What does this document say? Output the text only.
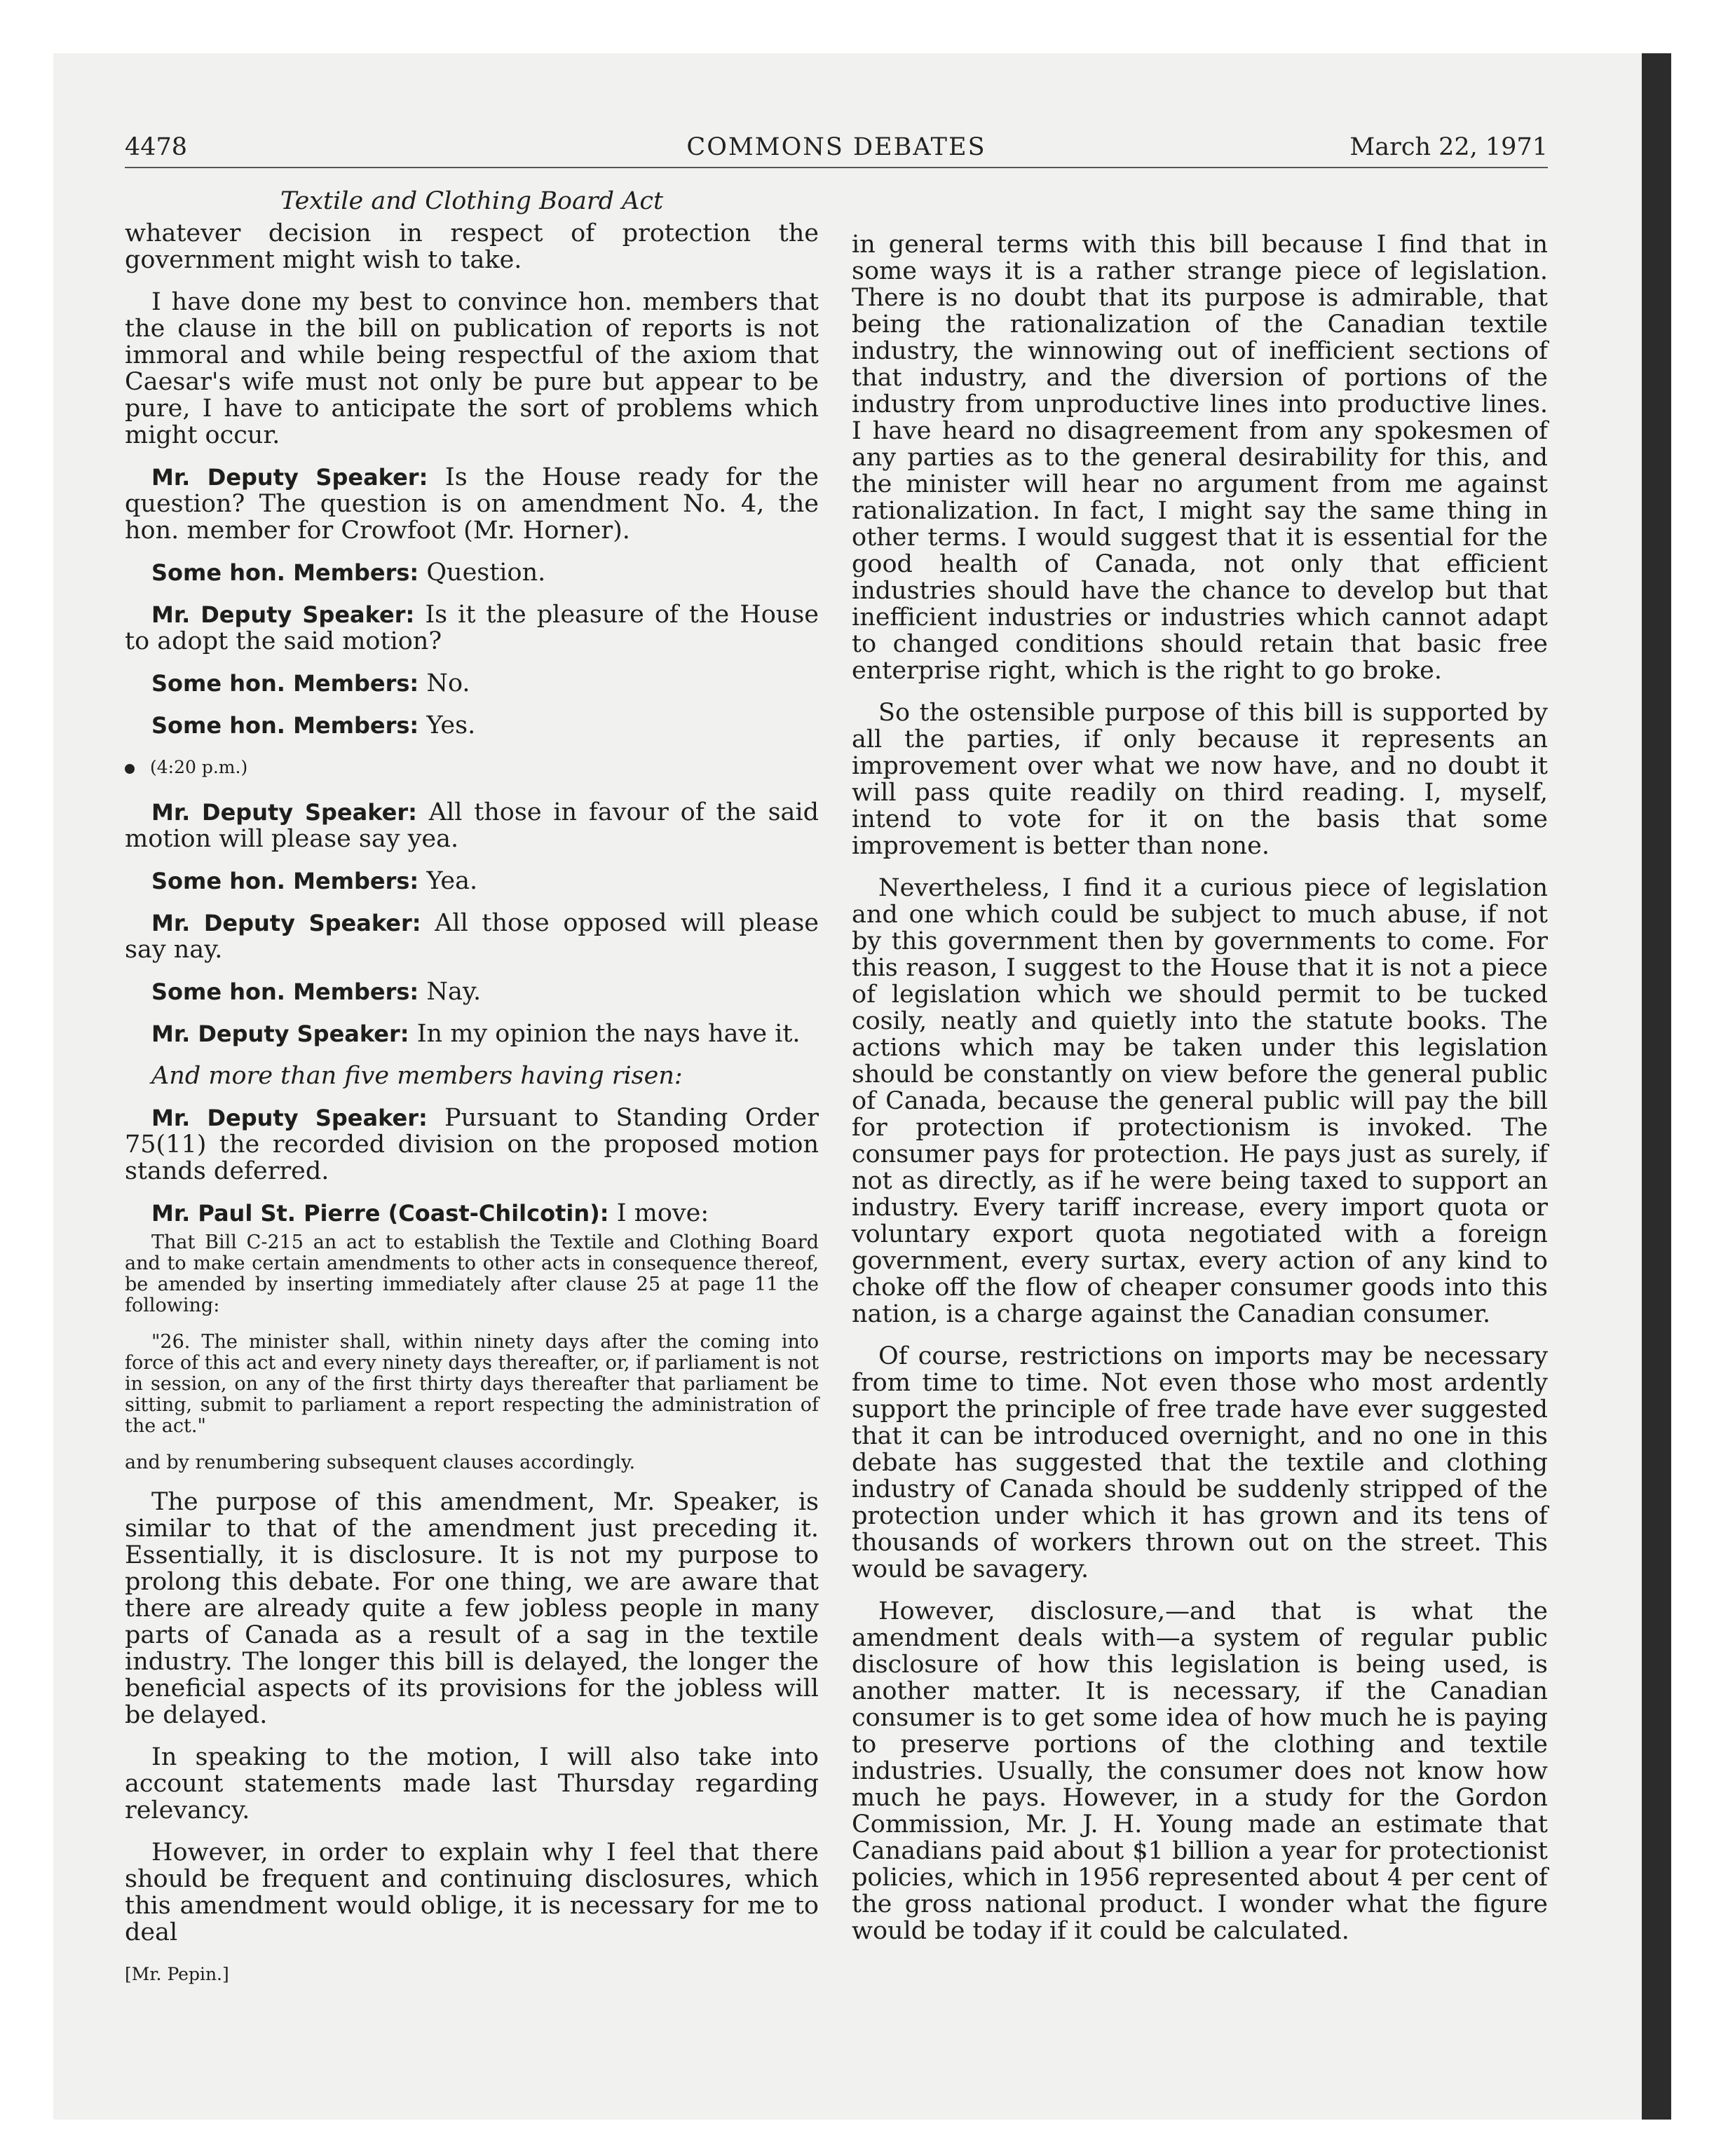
4478	COMMONS DEBATES	March 22, 1971

Textile and Clothing Board Act

whatever decision in respect of protection the government might wish to take.

I have done my best to convince hon. members that the clause in the bill on publication of reports is not immoral and while being respectful of the axiom that Caesar's wife must not only be pure but appear to be pure, I have to anticipate the sort of problems which might occur.

Mr. Deputy Speaker: Is the House ready for the question? The question is on amendment No. 4, the hon. member for Crowfoot (Mr. Horner).

Some hon. Members: Question.

Mr. Deputy Speaker: Is it the pleasure of the House to adopt the said motion?

Some hon. Members: No.

Some hon. Members: Yes.

(4:20 p.m.)

Mr. Deputy Speaker: All those in favour of the said motion will please say yea.

Some hon. Members: Yea.

Mr. Deputy Speaker: All those opposed will please say nay.

Some hon. Members: Nay.

Mr. Deputy Speaker: In my opinion the nays have it.

And more than five members having risen:

Mr. Deputy Speaker: Pursuant to Standing Order 75(11) the recorded division on the proposed motion stands deferred.

Mr. Paul St. Pierre (Coast-Chilcotin): I move:

That Bill C-215 an act to establish the Textile and Clothing Board and to make certain amendments to other acts in consequence thereof, be amended by inserting immediately after clause 25 at page 11 the following:

"26. The minister shall, within ninety days after the coming into force of this act and every ninety days thereafter, or, if parliament is not in session, on any of the first thirty days thereafter that parliament be sitting, submit to parliament a report respecting the administration of the act."

and by renumbering subsequent clauses accordingly.

The purpose of this amendment, Mr. Speaker, is similar to that of the amendment just preceding it. Essentially, it is disclosure. It is not my purpose to prolong this debate. For one thing, we are aware that there are already quite a few jobless people in many parts of Canada as a result of a sag in the textile industry. The longer this bill is delayed, the longer the beneficial aspects of its provisions for the jobless will be delayed.

In speaking to the motion, I will also take into account statements made last Thursday regarding relevancy.

However, in order to explain why I feel that there should be frequent and continuing disclosures, which this amendment would oblige, it is necessary for me to deal

[Mr. Pepin.]

in general terms with this bill because I find that in some ways it is a rather strange piece of legislation. There is no doubt that its purpose is admirable, that being the rationalization of the Canadian textile industry, the winnowing out of inefficient sections of that industry, and the diversion of portions of the industry from unproductive lines into productive lines. I have heard no disagreement from any spokesmen of any parties as to the general desirability for this, and the minister will hear no argument from me against rationalization. In fact, I might say the same thing in other terms. I would suggest that it is essential for the good health of Canada, not only that efficient industries should have the chance to develop but that inefficient industries or industries which cannot adapt to changed conditions should retain that basic free enterprise right, which is the right to go broke.

So the ostensible purpose of this bill is supported by all the parties, if only because it represents an improvement over what we now have, and no doubt it will pass quite readily on third reading. I, myself, intend to vote for it on the basis that some improvement is better than none.

Nevertheless, I find it a curious piece of legislation and one which could be subject to much abuse, if not by this government then by governments to come. For this reason, I suggest to the House that it is not a piece of legislation which we should permit to be tucked cosily, neatly and quietly into the statute books. The actions which may be taken under this legislation should be constantly on view before the general public of Canada, because the general public will pay the bill for protection if protectionism is invoked. The consumer pays for protection. He pays just as surely, if not as directly, as if he were being taxed to support an industry. Every tariff increase, every import quota or voluntary export quota negotiated with a foreign government, every surtax, every action of any kind to choke off the flow of cheaper consumer goods into this nation, is a charge against the Canadian consumer.

Of course, restrictions on imports may be necessary from time to time. Not even those who most ardently support the principle of free trade have ever suggested that it can be introduced overnight, and no one in this debate has suggested that the textile and clothing industry of Canada should be suddenly stripped of the protection under which it has grown and its tens of thousands of workers thrown out on the street. This would be savagery.

However, disclosure,—and that is what the amendment deals with—a system of regular public disclosure of how this legislation is being used, is another matter. It is necessary, if the Canadian consumer is to get some idea of how much he is paying to preserve portions of the clothing and textile industries. Usually, the consumer does not know how much he pays. However, in a study for the Gordon Commission, Mr. J. H. Young made an estimate that Canadians paid about $1 billion a year for protectionist policies, which in 1956 represented about 4 per cent of the gross national product. I wonder what the figure would be today if it could be calculated.
